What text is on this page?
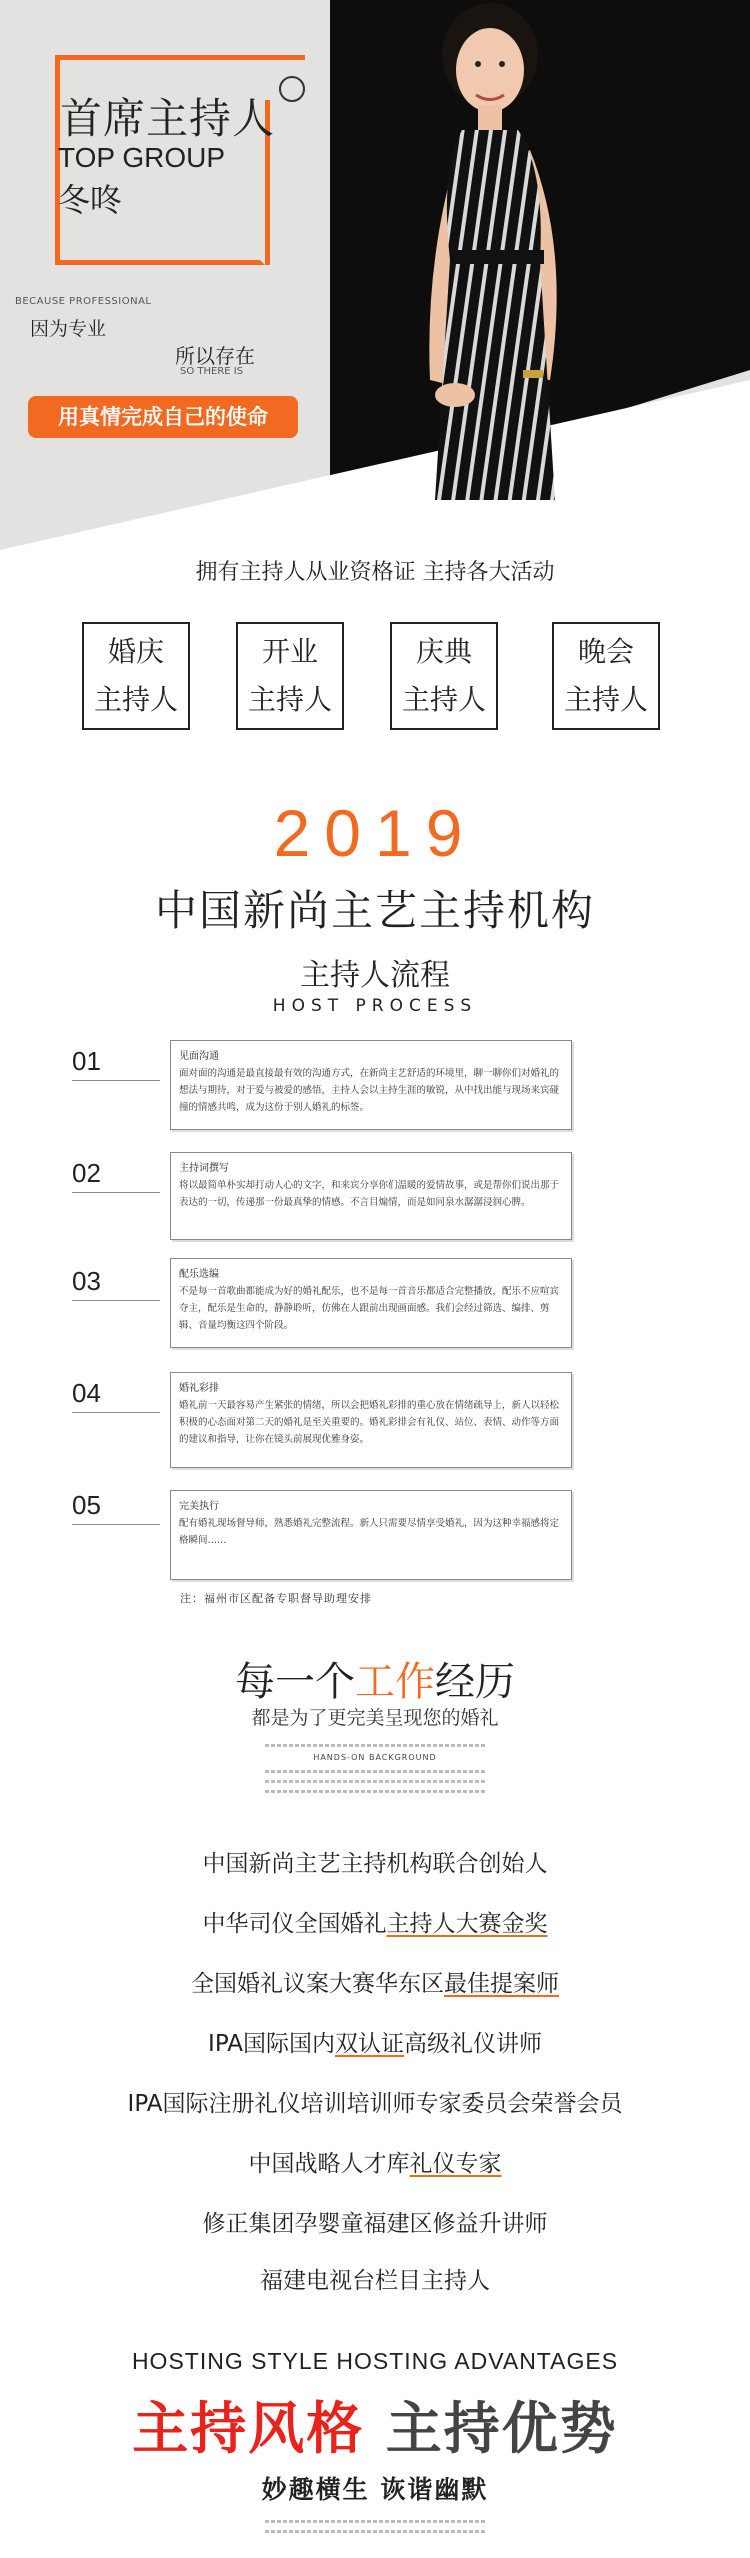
首席主持人
TOP GROUP
冬咚
BECAUSE PROFESSIONAL
因为专业
所以存在
SO THERE IS
用真情完成自己的使命
拥有主持人从业资格证 主持各大活动
婚庆
主持人
开业
主持人
庆典
主持人
晚会
主持人
2019
中国新尚主艺主持机构
主持人流程
HOST PROCESS
01	见面沟通
面对面的沟通是最直接最有效的沟通方式，在新尚主艺舒适的环境里，聊一聊你们对婚礼的想法与期待，对于爱与被爱的感悟，主持人会以主持生涯的敏锐，从中找出能与现场来宾碰撞的情感共鸣，成为这份于别人婚礼的标签。
02	主持词撰写
将以最简单朴实却打动人心的文字，和来宾分享你们温暖的爱情故事，或是帮你们说出那于表达的一切，传递那一份最真挚的情感。不言目煽情，而是如同泉水潺潺浸润心脾。
03	配乐选编
不是每一首歌曲都能成为好的婚礼配乐，也不是每一首音乐都适合完整播放，配乐不应喧宾夺主，配乐是生命的，静静聆听，仿佛在人跟前出现画面感。我们会经过筛选、编排、剪辑、音量均衡这四个阶段。
04	婚礼彩排
婚礼前一天最容易产生紧张的情绪，所以会把婚礼彩排的重心放在情绪疏导上，新人以轻松积极的心态面对第二天的婚礼是至关重要的。婚礼彩排会有礼仪、站位、表情、动作等方面的建议和指导，让你在镜头前展现优雅身姿。
05	完美执行
配有婚礼现场督导师，熟悉婚礼完整流程。新人只需要尽情享受婚礼，因为这种幸福感将定格瞬间……
注：福州市区配备专职督导助理安排
每一个工作经历
都是为了更完美呈现您的婚礼
HANDS-ON BACKGROUND
中国新尚主艺主持机构联合创始人
中华司仪全国婚礼主持人大赛金奖
全国婚礼议案大赛华东区最佳提案师
IPA国际国内双认证高级礼仪讲师
IPA国际注册礼仪培训培训师专家委员会荣誉会员
中国战略人才库礼仪专家
修正集团孕婴童福建区修益升讲师
福建电视台栏目主持人
HOSTING STYLE HOSTING ADVANTAGES
主持风格 主持优势
妙趣横生 诙谐幽默
